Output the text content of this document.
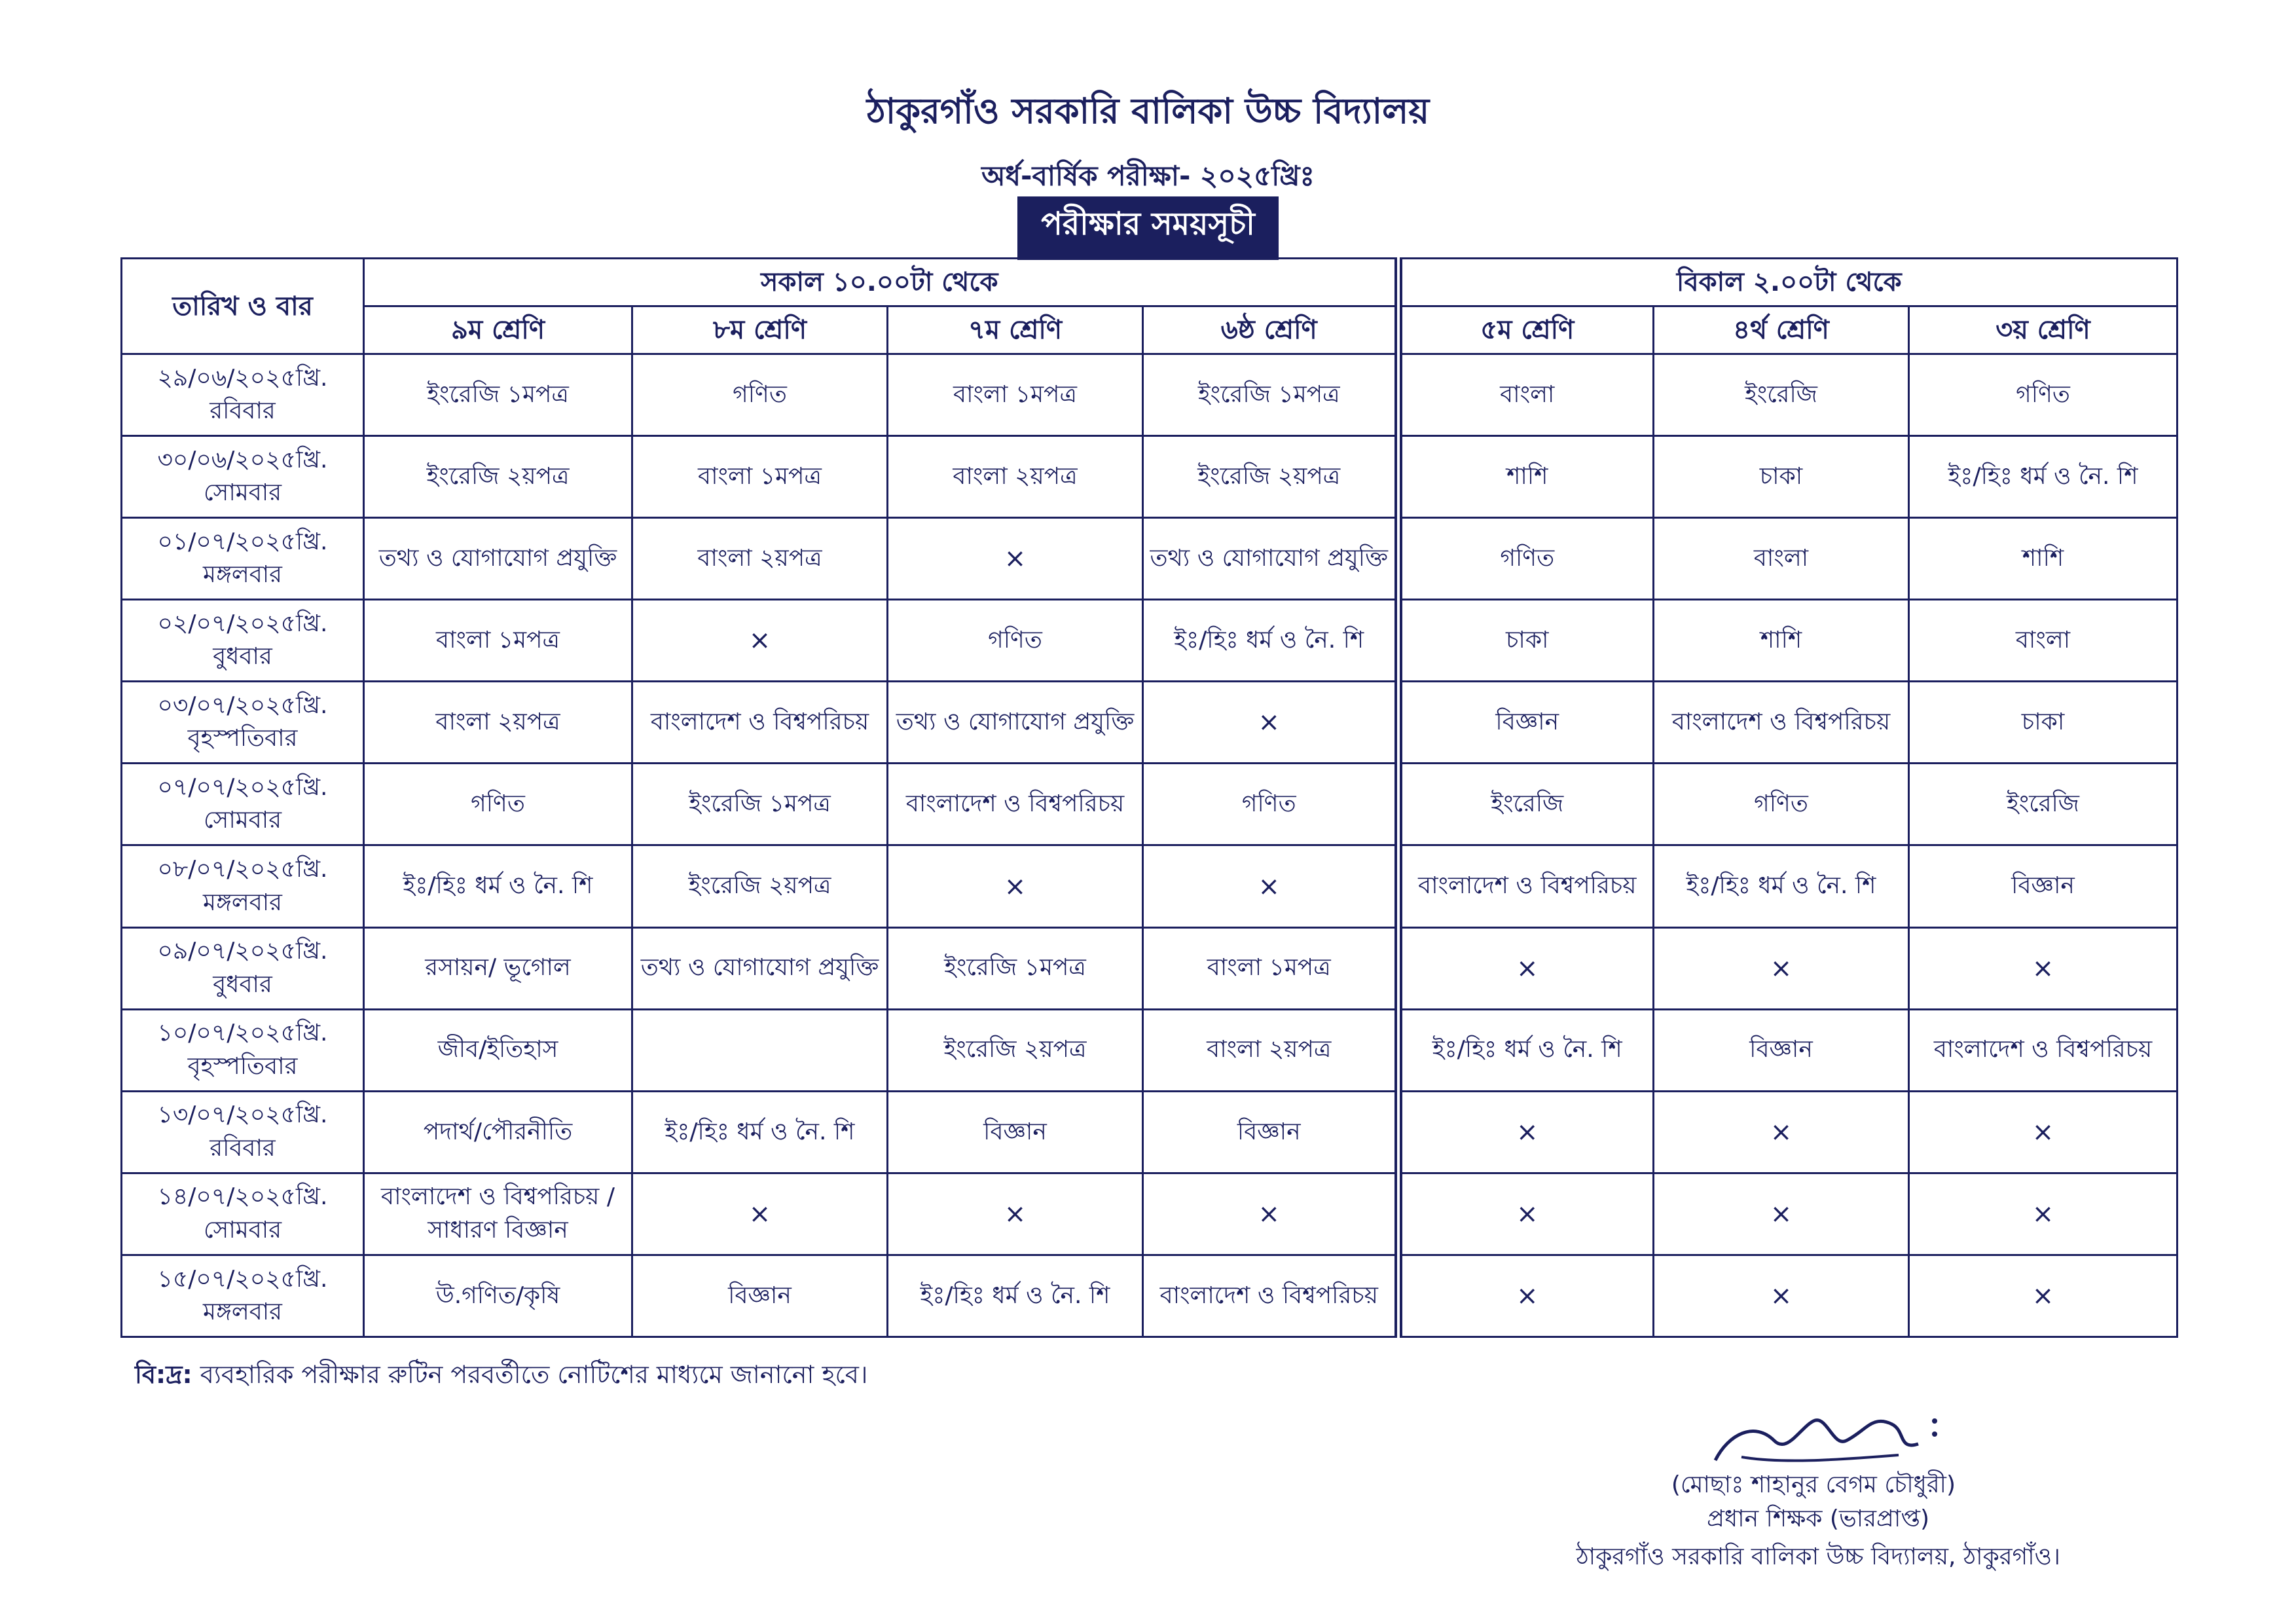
ঠাকুরগাঁও সরকারি বালিকা উচ্চ বিদ্যালয়
অর্ধ-বার্ষিক পরীক্ষা- ২০২৫খ্রিঃ
পরীক্ষার সময়সূচী
তারিখ ও বার	সকাল ১০.০০টা থেকে				বিকাল ২.০০টা থেকে		
	৯ম শ্রেণি	৮ম শ্রেণি	৭ম শ্রেণি	৬ষ্ঠ শ্রেণি	৫ম শ্রেণি	৪র্থ শ্রেণি	৩য় শ্রেণি

২৯/০৬/২০২৫খ্রি.
রবিবার	ইংরেজি ১মপত্র	গণিত	বাংলা ১মপত্র	ইংরেজি ১মপত্র	বাংলা	ইংরেজি	গণিত

৩০/০৬/২০২৫খ্রি.
সোমবার	ইংরেজি ২য়পত্র	বাংলা ১মপত্র	বাংলা ২য়পত্র	ইংরেজি ২য়পত্র	শাশি	চাকা	ইঃ/হিঃ ধর্ম ও নৈ. শি

০১/০৭/২০২৫খ্রি.
মঙ্গলবার	তথ্য ও যোগাযোগ প্রযুক্তি	বাংলা ২য়পত্র	×	তথ্য ও যোগাযোগ প্রযুক্তি	গণিত	বাংলা	শাশি

০২/০৭/২০২৫খ্রি.
বুধবার	বাংলা ১মপত্র	×	গণিত	ইঃ/হিঃ ধর্ম ও নৈ. শি	চাকা	শাশি	বাংলা

০৩/০৭/২০২৫খ্রি.
বৃহস্পতিবার	বাংলা ২য়পত্র	বাংলাদেশ ও বিশ্বপরিচয়	তথ্য ও যোগাযোগ প্রযুক্তি	×	বিজ্ঞান	বাংলাদেশ ও বিশ্বপরিচয়	চাকা

০৭/০৭/২০২৫খ্রি.
সোমবার	গণিত	ইংরেজি ১মপত্র	বাংলাদেশ ও বিশ্বপরিচয়	গণিত	ইংরেজি	গণিত	ইংরেজি

০৮/০৭/২০২৫খ্রি.
মঙ্গলবার	ইঃ/হিঃ ধর্ম ও নৈ. শি	ইংরেজি ২য়পত্র	×	×	বাংলাদেশ ও বিশ্বপরিচয়	ইঃ/হিঃ ধর্ম ও নৈ. শি	বিজ্ঞান

০৯/০৭/২০২৫খ্রি.
বুধবার	রসায়ন/ ভূগোল	তথ্য ও যোগাযোগ প্রযুক্তি	ইংরেজি ১মপত্র	বাংলা ১মপত্র	×	×	×

১০/০৭/২০২৫খ্রি.
বৃহস্পতিবার	জীব/ইতিহাস		ইংরেজি ২য়পত্র	বাংলা ২য়পত্র	ইঃ/হিঃ ধর্ম ও নৈ. শি	বিজ্ঞান	বাংলাদেশ ও বিশ্বপরিচয়

১৩/০৭/২০২৫খ্রি.
রবিবার	পদার্থ/পৌরনীতি	ইঃ/হিঃ ধর্ম ও নৈ. শি	বিজ্ঞান	বিজ্ঞান	×	×	×

১৪/০৭/২০২৫খ্রি.
সোমবার	বাংলাদেশ ও বিশ্বপরিচয় / সাধারণ বিজ্ঞান	×	×	×	×	×	×

১৫/০৭/২০২৫খ্রি.
মঙ্গলবার	উ.গণিত/কৃষি	বিজ্ঞান	ইঃ/হিঃ ধর্ম ও নৈ. শি	বাংলাদেশ ও বিশ্বপরিচয়	×	×	×
বি:দ্র: ব্যবহারিক পরীক্ষার রুটিন পরবর্তীতে নোটিশের মাধ্যমে জানানো হবে।
(মোছাঃ শাহানুর বেগম চৌধুরী)
প্রধান শিক্ষক (ভারপ্রাপ্ত)
ঠাকুরগাঁও সরকারি বালিকা উচ্চ বিদ্যালয়, ঠাকুরগাঁও।
